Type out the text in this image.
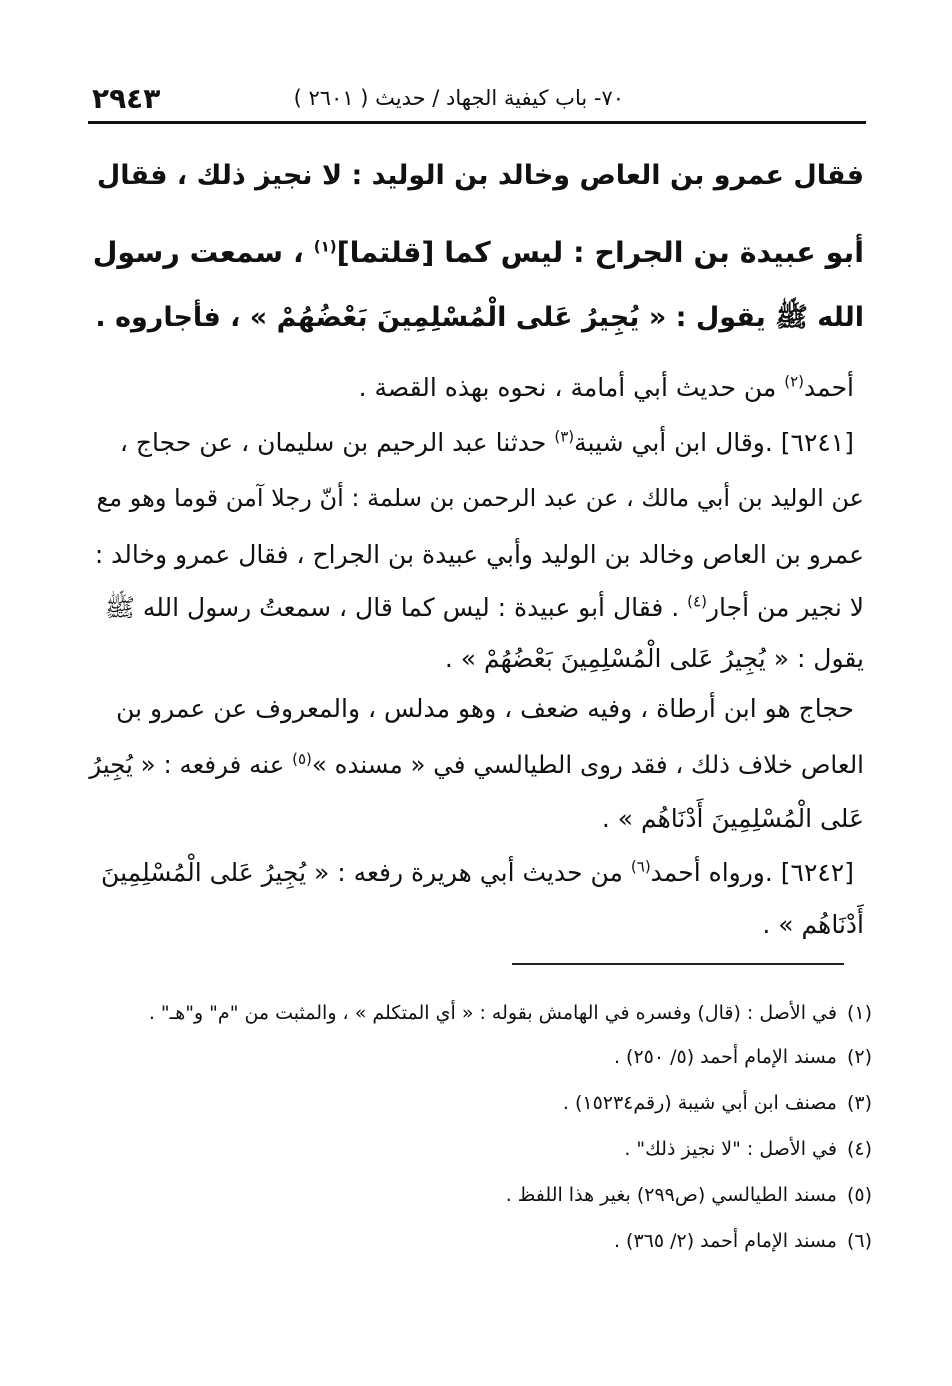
٧٠- باب كيفية الجهاد / حديث ( ٢٦٠١ )
٢٩٤٣
فقال عمرو بن العاص وخالد بن الوليد : لا نجيز ذلك ، فقال
أبو عبيدة بن الجراح : ليس كما [قلتما]$^{(١)}$ ، سمعت رسول
الله ﷺ يقول : « يُجِيرُ عَلى الْمُسْلِمِينَ بَعْضُهُمْ » ، فأجاروه .
أحمد$^{(٢)}$ من حديث أبي أمامة ، نحوه بهذه القصة .
[٦٢٤١] .وقال ابن أبي شيبة$^{(٣)}$ حدثنا عبد الرحيم بن سليمان ، عن حجاج ،
عن الوليد بن أبي مالك ، عن عبد الرحمن بن سلمة : أنّ رجلا آمن قوما وهو مع
عمرو بن العاص وخالد بن الوليد وأبي عبيدة بن الجراح ، فقال عمرو وخالد :
لا نجير من أجار$^{(٤)}$ . فقال أبو عبيدة : ليس كما قال ، سمعتُ رسول الله ﷺ
يقول : « يُجِيرُ عَلى الْمُسْلِمِينَ بَعْضُهُمْ » .
حجاج هو ابن أرطاة ، وفيه ضعف ، وهو مدلس ، والمعروف عن عمرو بن
العاص خلاف ذلك ، فقد روى الطيالسي في « مسنده »$^{(٥)}$ عنه فرفعه : « يُجِيرُ
عَلى الْمُسْلِمِينَ أَدْنَاهُم » .
[٦٢٤٢] .ورواه أحمد$^{(٦)}$ من حديث أبي هريرة رفعه : « يُجِيرُ عَلى الْمُسْلِمِينَ
أَدْنَاهُم » .
(١)في الأصل : (قال) وفسره في الهامش بقوله : « أي المتكلم » ، والمثبت من "م" و"هـ" .
(٢)مسند الإمام أحمد (٥/ ٢٥٠) .
(٣)مصنف ابن أبي شيبة (رقم١٥٢٣٤) .
(٤)في الأصل : "لا نجيز ذلك" .
(٥)مسند الطيالسي (ص٢٩٩) بغير هذا اللفظ .
(٦)مسند الإمام أحمد (٢/ ٣٦٥) .
